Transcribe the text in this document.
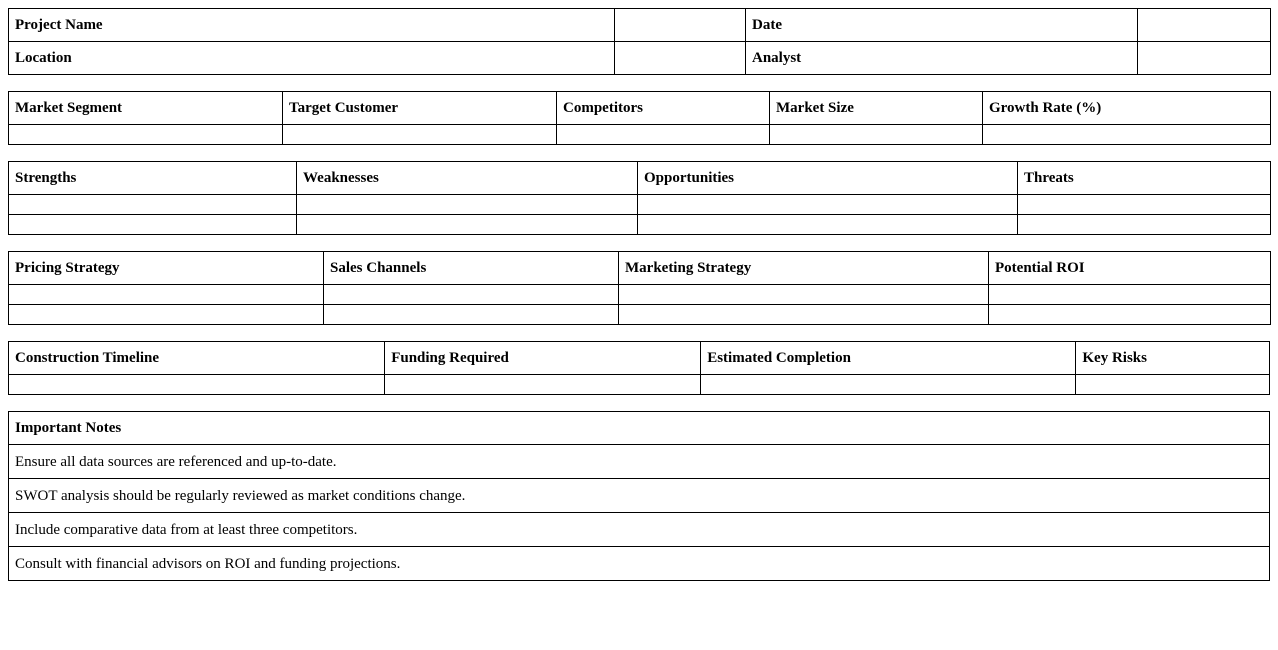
Project Name		Date	
Location		Analyst	
Market Segment	Target Customer	Competitors	Market Size	Growth Rate (%)

Strengths	Weaknesses	Opportunities	Threats

Pricing Strategy	Sales Channels	Marketing Strategy	Potential ROI

Construction Timeline	Funding Required	Estimated Completion	Key Risks

Important Notes
Ensure all data sources are referenced and up-to-date.
SWOT analysis should be regularly reviewed as market conditions change.
Include comparative data from at least three competitors.
Consult with financial advisors on ROI and funding projections.
